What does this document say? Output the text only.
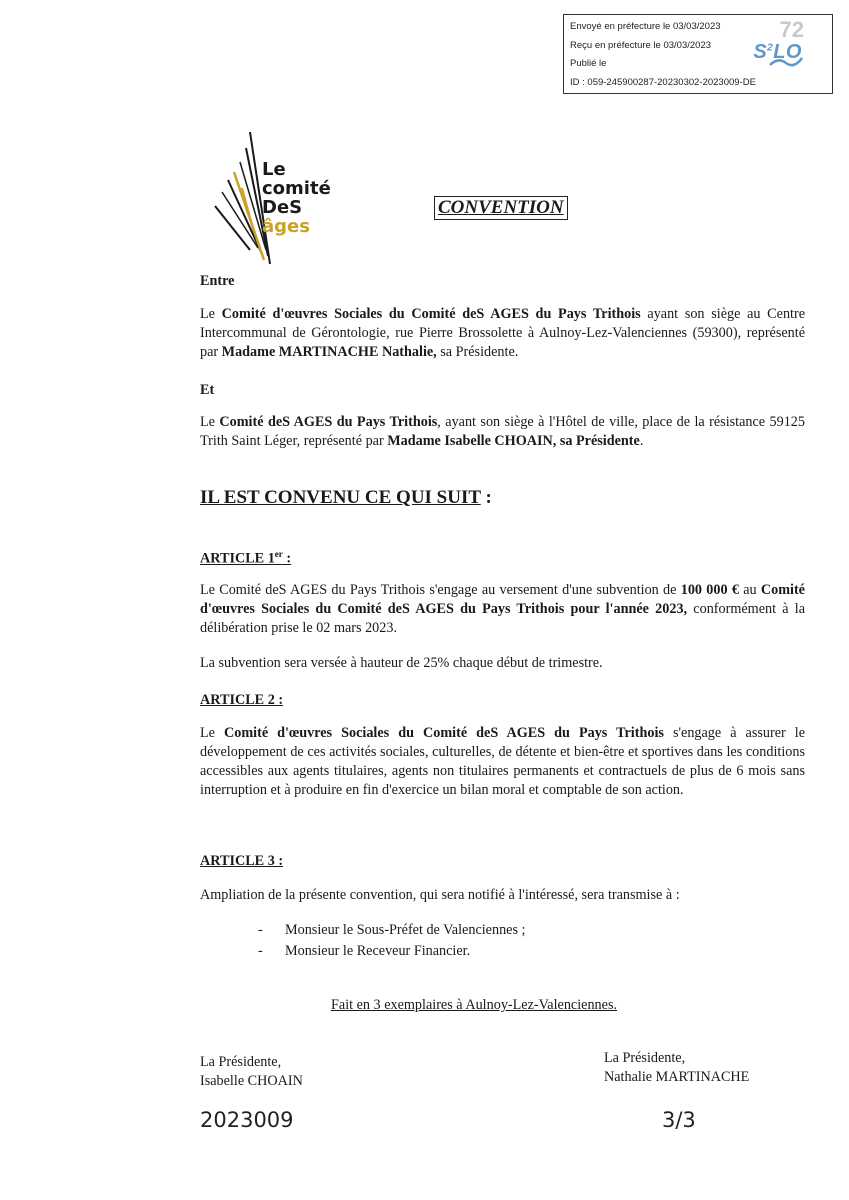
Envoyé en préfecture le 03/03/2023
Reçu en préfecture le 03/03/2023
Publié le
ID : 059-245900287-20230302-2023009-DE
72
$S^2LO$
Le
comité
DeS
âges
CONVENTION
Entre
Le Comité d'œuvres Sociales du Comité deS AGES du Pays Trithois ayant son siège au Centre Intercommunal de Gérontologie, rue Pierre Brossolette à Aulnoy-Lez-Valenciennes (59300), représenté par Madame MARTINACHE Nathalie, sa Présidente.
Et
Le Comité deS AGES du Pays Trithois, ayant son siège à l'Hôtel de ville, place de la résistance 59125 Trith Saint Léger, représenté par Madame Isabelle CHOAIN, sa Présidente.
IL EST CONVENU CE QUI SUIT :
ARTICLE 1er :
Le Comité deS AGES du Pays Trithois s'engage au versement d'une subvention de 100 000 € au Comité d'œuvres Sociales du Comité deS AGES du Pays Trithois pour l'année 2023, conformément à la délibération prise le 02 mars 2023.
La subvention sera versée à hauteur de 25% chaque début de trimestre.
ARTICLE 2 :
Le Comité d'œuvres Sociales du Comité deS AGES du Pays Trithois s'engage à assurer le développement de ces activités sociales, culturelles, de détente et bien-être et sportives dans les conditions accessibles aux agents titulaires, agents non titulaires permanents et contractuels de plus de 6 mois sans interruption et à produire en fin d'exercice un bilan moral et comptable de son action.
ARTICLE 3 :
Ampliation de la présente convention, qui sera notifié à l'intéressé, sera transmise à :
- Monsieur le Sous-Préfet de Valenciennes ;
- Monsieur le Receveur Financier.
Fait en 3 exemplaires à Aulnoy-Lez-Valenciennes.
La Présidente,
Isabelle CHOAIN
La Présidente,
Nathalie MARTINACHE
2023009	3/3
